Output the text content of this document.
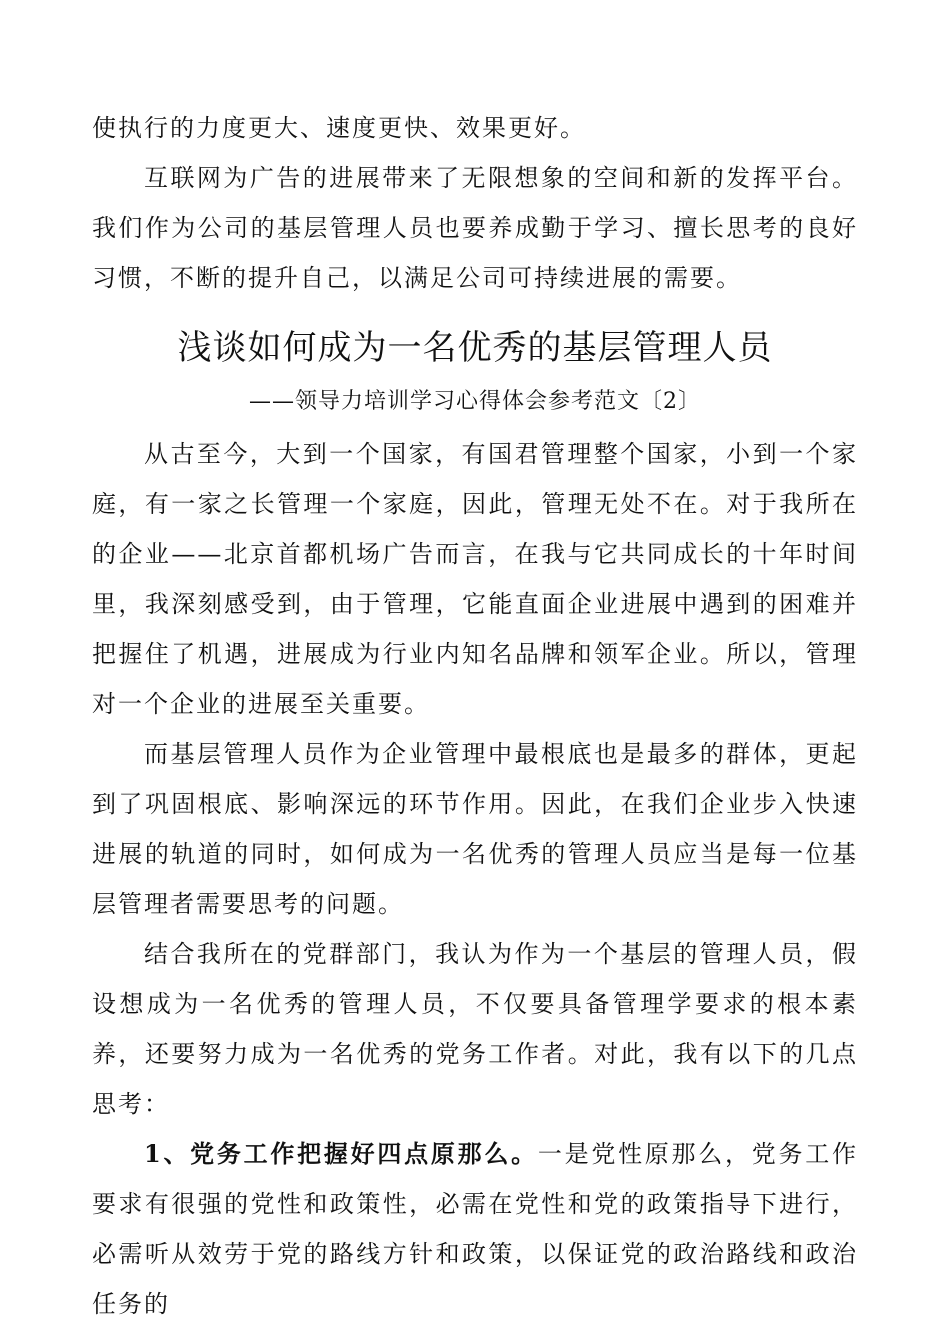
使执行的力度更大、速度更快、效果更好。

互联网为广告的进展带来了无限想象的空间和新的发挥平台。我们作为公司的基层管理人员也要养成勤于学习、擅长思考的良好习惯，不断的提升自己，以满足公司可持续进展的需要。

浅谈如何成为一名优秀的基层管理人员
——领导力培训学习心得体会参考范文〔2〕

从古至今，大到一个国家，有国君管理整个国家，小到一个家庭，有一家之长管理一个家庭，因此，管理无处不在。对于我所在的企业——北京首都机场广告而言，在我与它共同成长的十年时间里，我深刻感受到，由于管理，它能直面企业进展中遇到的困难并把握住了机遇，进展成为行业内知名品牌和领军企业。所以，管理对一个企业的进展至关重要。

而基层管理人员作为企业管理中最根底也是最多的群体，更起到了巩固根底、影响深远的环节作用。因此，在我们企业步入快速进展的轨道的同时，如何成为一名优秀的管理人员应当是每一位基层管理者需要思考的问题。

结合我所在的党群部门，我认为作为一个基层的管理人员，假设想成为一名优秀的管理人员，不仅要具备管理学要求的根本素养，还要努力成为一名优秀的党务工作者。对此，我有以下的几点思考：

1、党务工作把握好四点原那么。一是党性原那么，党务工作要求有很强的党性和政策性，必需在党性和党的政策指导下进行，必需听从效劳于党的路线方针和政策，以保证党的政治路线和政治任务的
